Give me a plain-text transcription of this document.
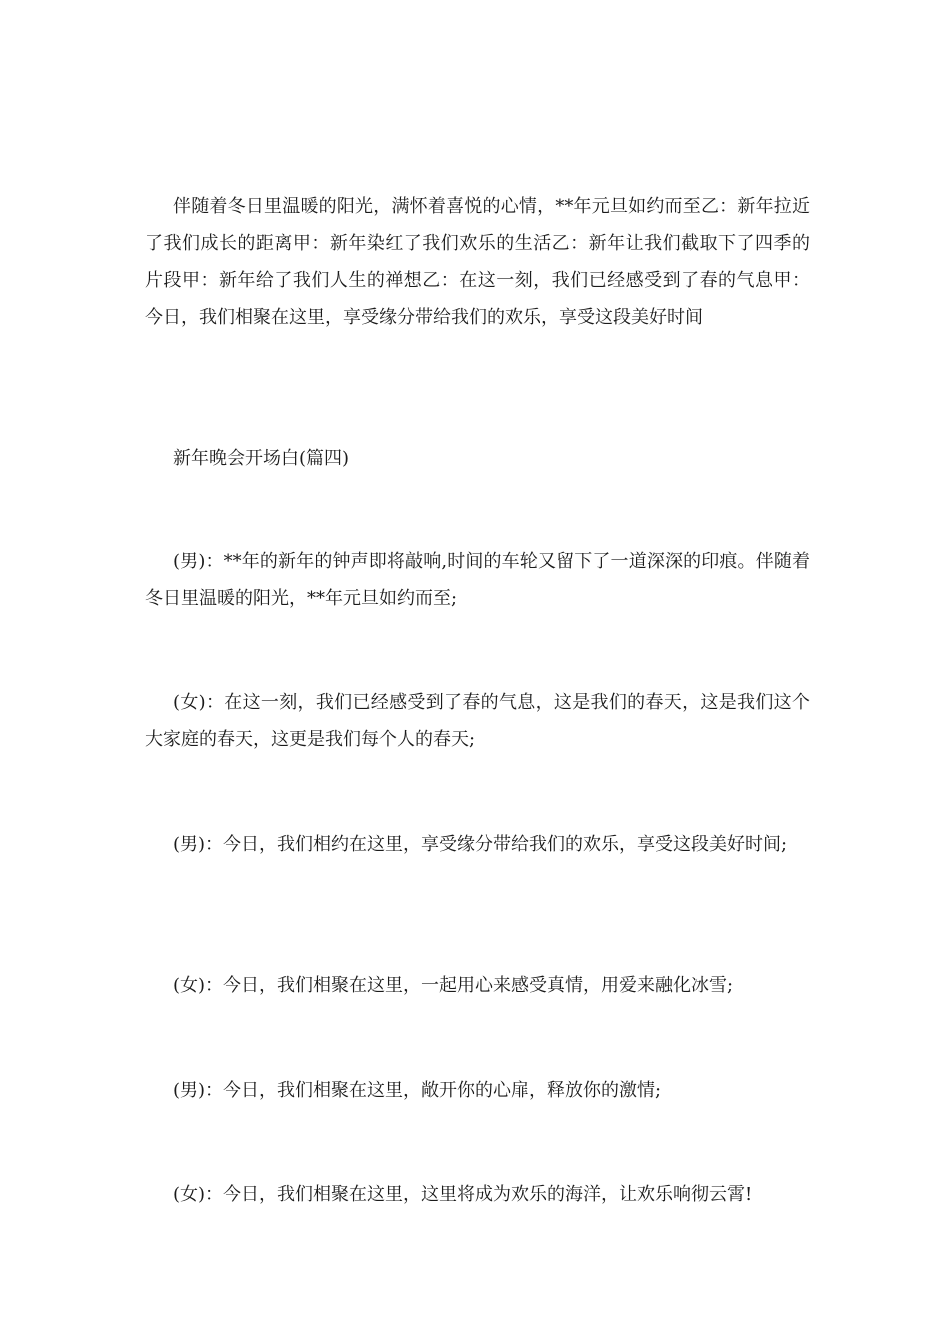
伴随着冬日里温暖的阳光，满怀着喜悦的心情，**年元旦如约而至乙：新年拉近了我们成长的距离甲：新年染红了我们欢乐的生活乙：新年让我们截取下了四季的片段甲：新年给了我们人生的禅想乙：在这一刻，我们已经感受到了春的气息甲：今日，我们相聚在这里，享受缘分带给我们的欢乐，享受这段美好时间

新年晚会开场白(篇四)

(男)：**年的新年的钟声即将敲响,时间的车轮又留下了一道深深的印痕。伴随着冬日里温暖的阳光，**年元旦如约而至;

(女)：在这一刻，我们已经感受到了春的气息，这是我们的春天，这是我们这个大家庭的春天，这更是我们每个人的春天;

(男)：今日，我们相约在这里，享受缘分带给我们的欢乐，享受这段美好时间;

(女)：今日，我们相聚在这里，一起用心来感受真情，用爱来融化冰雪;

(男)：今日，我们相聚在这里，敞开你的心扉，释放你的激情;

(女)：今日，我们相聚在这里，这里将成为欢乐的海洋，让欢乐响彻云霄!
